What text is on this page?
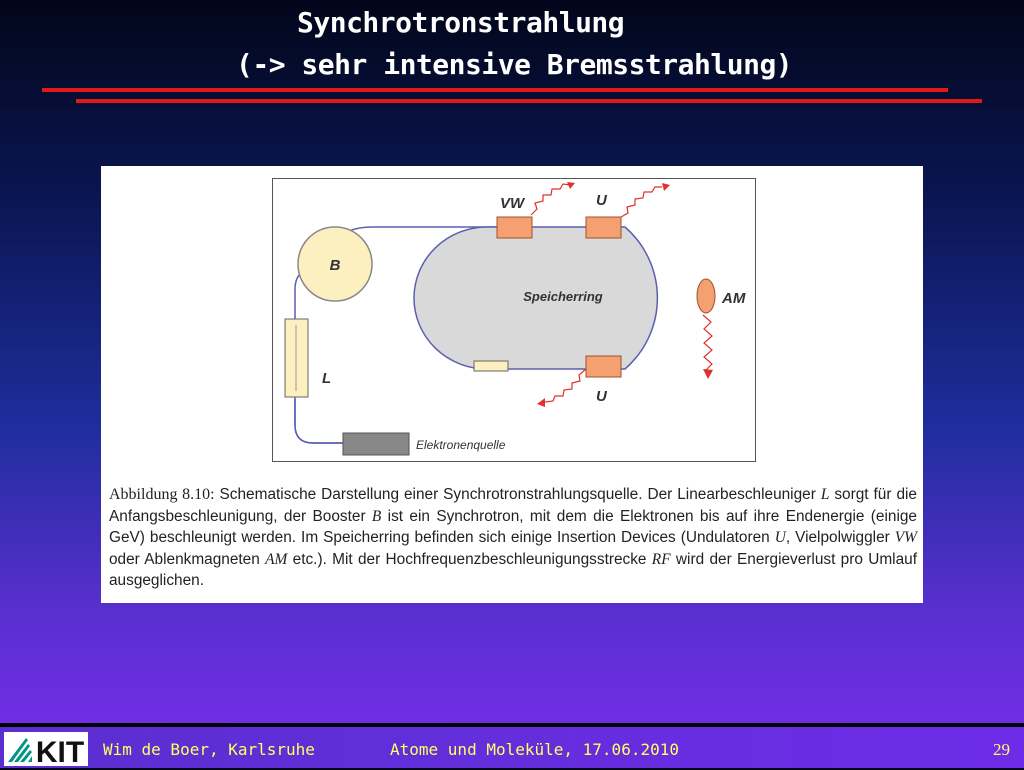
Synchrotronstrahlung
(-> sehr intensive Bremsstrahlung)
B
L
Elektronenquelle
Speicherring
VW	U
U
AM
Abbildung 8.10: Schematische Darstellung einer Synchrotronstrahlungsquelle. Der Linearbeschleuniger L sorgt für die Anfangsbeschleunigung, der Booster B ist ein Synchrotron, mit dem die Elektronen bis auf ihre Endenergie (einige GeV) beschleunigt werden. Im Speicherring befinden sich einige Insertion Devices (Undulatoren U, Vielpolwiggler VW oder Ablenkmagneten AM etc.). Mit der Hochfrequenzbeschleunigungsstrecke RF wird der Energieverlust pro Umlauf ausgeglichen.
KIT Wim de Boer, Karlsruhe	Atome und Moleküle, 17.06.2010	29
